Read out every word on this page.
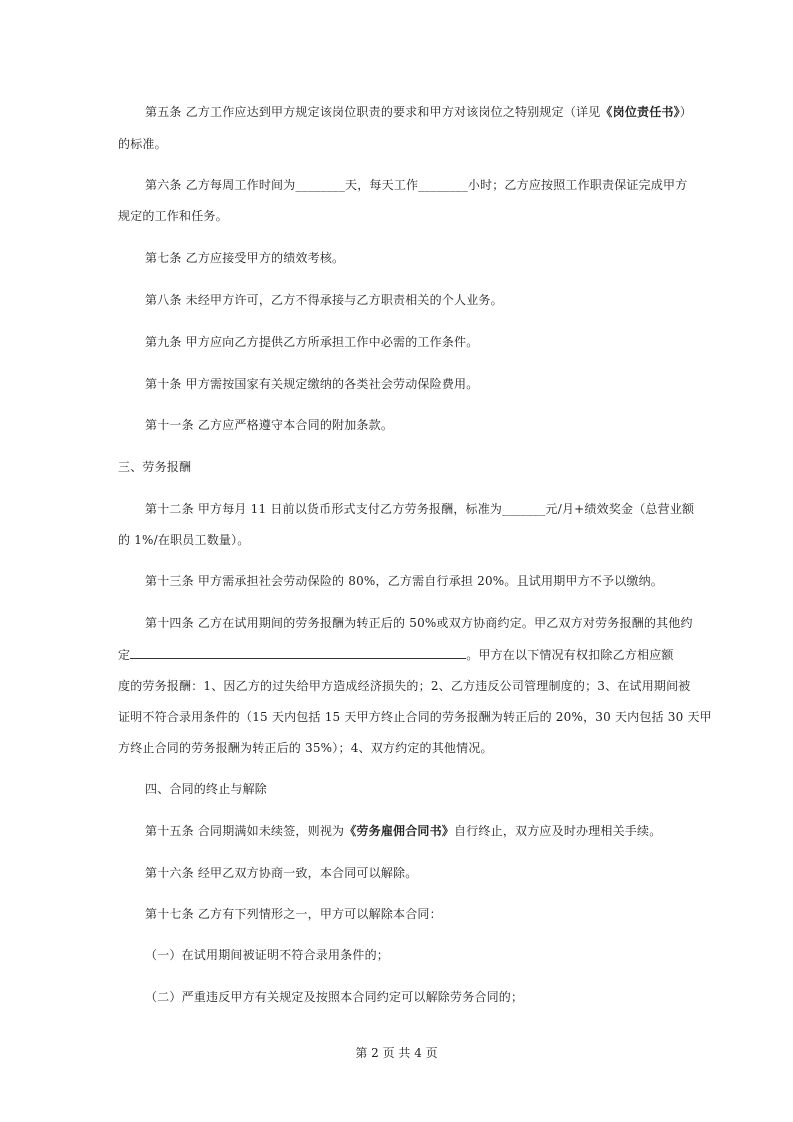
第五条 乙方工作应达到甲方规定该岗位职责的要求和甲方对该岗位之特别规定（详见《岗位责任书》）
的标准。
第六条 乙方每周工作时间为________天，每天工作________小时；乙方应按照工作职责保证完成甲方
规定的工作和任务。
第七条 乙方应接受甲方的绩效考核。
第八条 未经甲方许可，乙方不得承接与乙方职责相关的个人业务。
第九条 甲方应向乙方提供乙方所承担工作中必需的工作条件。
第十条 甲方需按国家有关规定缴纳的各类社会劳动保险费用。
第十一条 乙方应严格遵守本合同的附加条款。
三、劳务报酬
第十二条 甲方每月 11 日前以货币形式支付乙方劳务报酬，标准为_______元/月+绩效奖金（总营业额
的 1%/在职员工数量）。
第十三条 甲方需承担社会劳动保险的 80%，乙方需自行承担 20%。且试用期甲方不予以缴纳。
第十四条 乙方在试用期间的劳务报酬为转正后的 50%或双方协商约定。甲乙双方对劳务报酬的其他约
定	。甲方在以下情况有权扣除乙方相应额
度的劳务报酬：1、因乙方的过失给甲方造成经济损失的；2、乙方违反公司管理制度的；3、在试用期间被
证明不符合录用条件的（15 天内包括 15 天甲方终止合同的劳务报酬为转正后的 20%，30 天内包括 30 天甲
方终止合同的劳务报酬为转正后的 35%）；4、双方约定的其他情况。
四、合同的终止与解除
第十五条 合同期满如未续签，则视为《劳务雇佣合同书》自行终止，双方应及时办理相关手续。
第十六条 经甲乙双方协商一致，本合同可以解除。
第十七条 乙方有下列情形之一，甲方可以解除本合同：
（一）在试用期间被证明不符合录用条件的；
（二）严重违反甲方有关规定及按照本合同约定可以解除劳务合同的；
第 2 页 共 4 页
